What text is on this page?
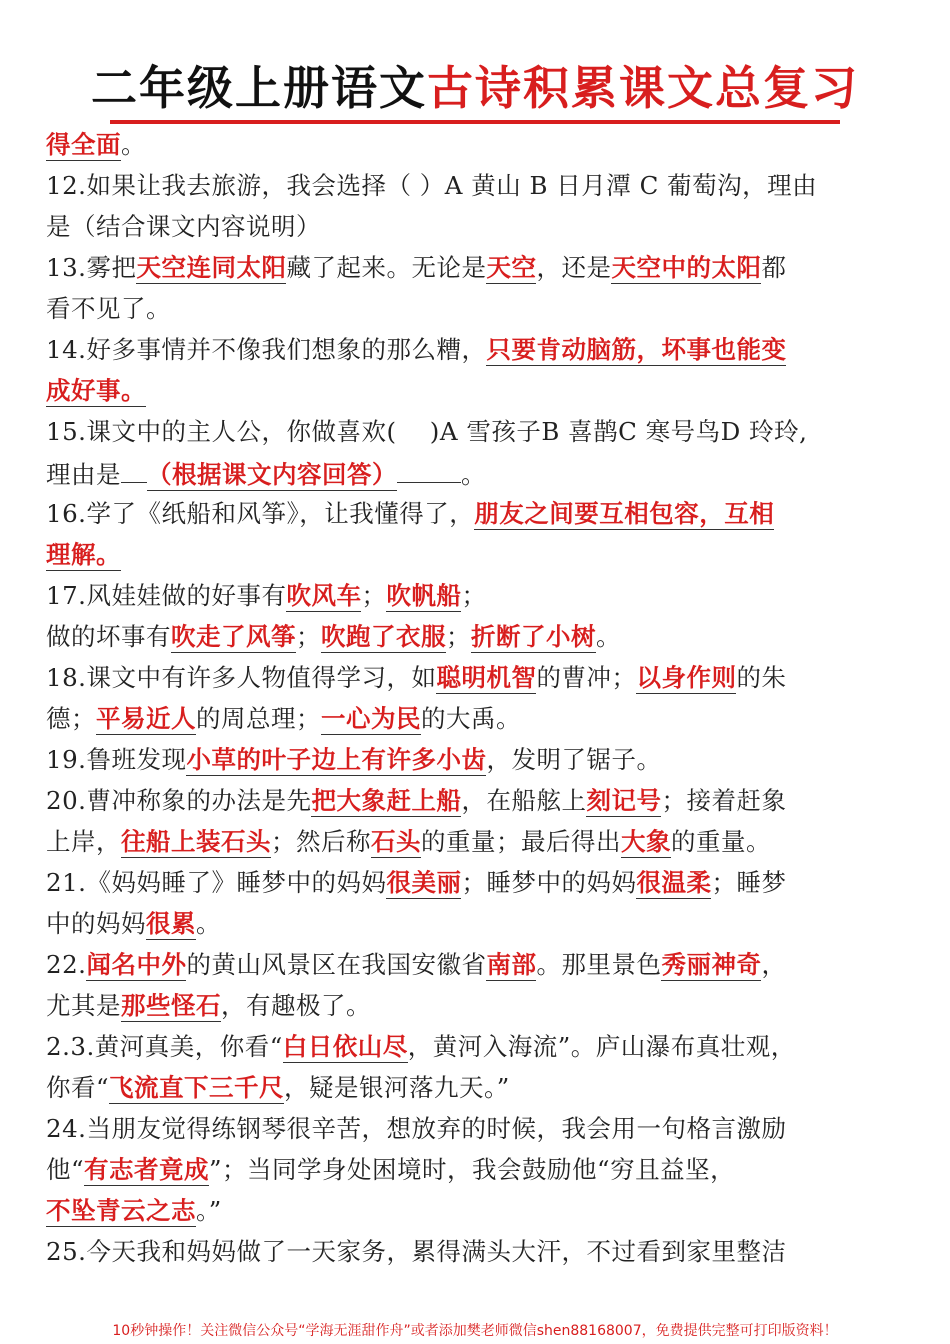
二年级上册语文古诗积累课文总复习
得全面。
12.如果让我去旅游，我会选择（ ）A 黄山 B 日月潭 C 葡萄沟，理由
是（结合课文内容说明）
13.雾把天空连同太阳藏了起来。无论是天空，还是天空中的太阳都
看不见了。
14.好多事情并不像我们想象的那么糟，只要肯动脑筋，坏事也能变
成好事。
15.课文中的主人公，你做喜欢(　 )A 雪孩子B 喜鹊C 寒号鸟D 玲玲,
理由是 （根据课文内容回答）	。
16.学了《纸船和风筝》，让我懂得了，朋友之间要互相包容，互相
理解。
17.风娃娃做的好事有吹风车；吹帆船；
做的坏事有吹走了风筝；吹跑了衣服；折断了小树。
18.课文中有许多人物值得学习，如聪明机智的曹冲；以身作则的朱
德；平易近人的周总理；一心为民的大禹。
19.鲁班发现小草的叶子边上有许多小齿，发明了锯子。
20.曹冲称象的办法是先把大象赶上船，在船舷上刻记号；接着赶象
上岸，往船上装石头；然后称石头的重量；最后得出大象的重量。
21.《妈妈睡了》睡梦中的妈妈很美丽；睡梦中的妈妈很温柔；睡梦
中的妈妈很累。
22.闻名中外的黄山风景区在我国安徽省南部。那里景色秀丽神奇，
尤其是那些怪石，有趣极了。
2.3.黄河真美，你看“白日依山尽，黄河入海流”。庐山瀑布真壮观，
你看“飞流直下三千尺，疑是银河落九天。”
24.当朋友觉得练钢琴很辛苦，想放弃的时候，我会用一句格言激励
他“有志者竟成”；当同学身处困境时，我会鼓励他“穷且益坚，
不坠青云之志。”
25.今天我和妈妈做了一天家务，累得满头大汗，不过看到家里整洁
10秒钟操作！关注微信公众号“学海无涯甜作舟”或者添加樊老师微信shen88168007，免费提供完整可打印版资料！
